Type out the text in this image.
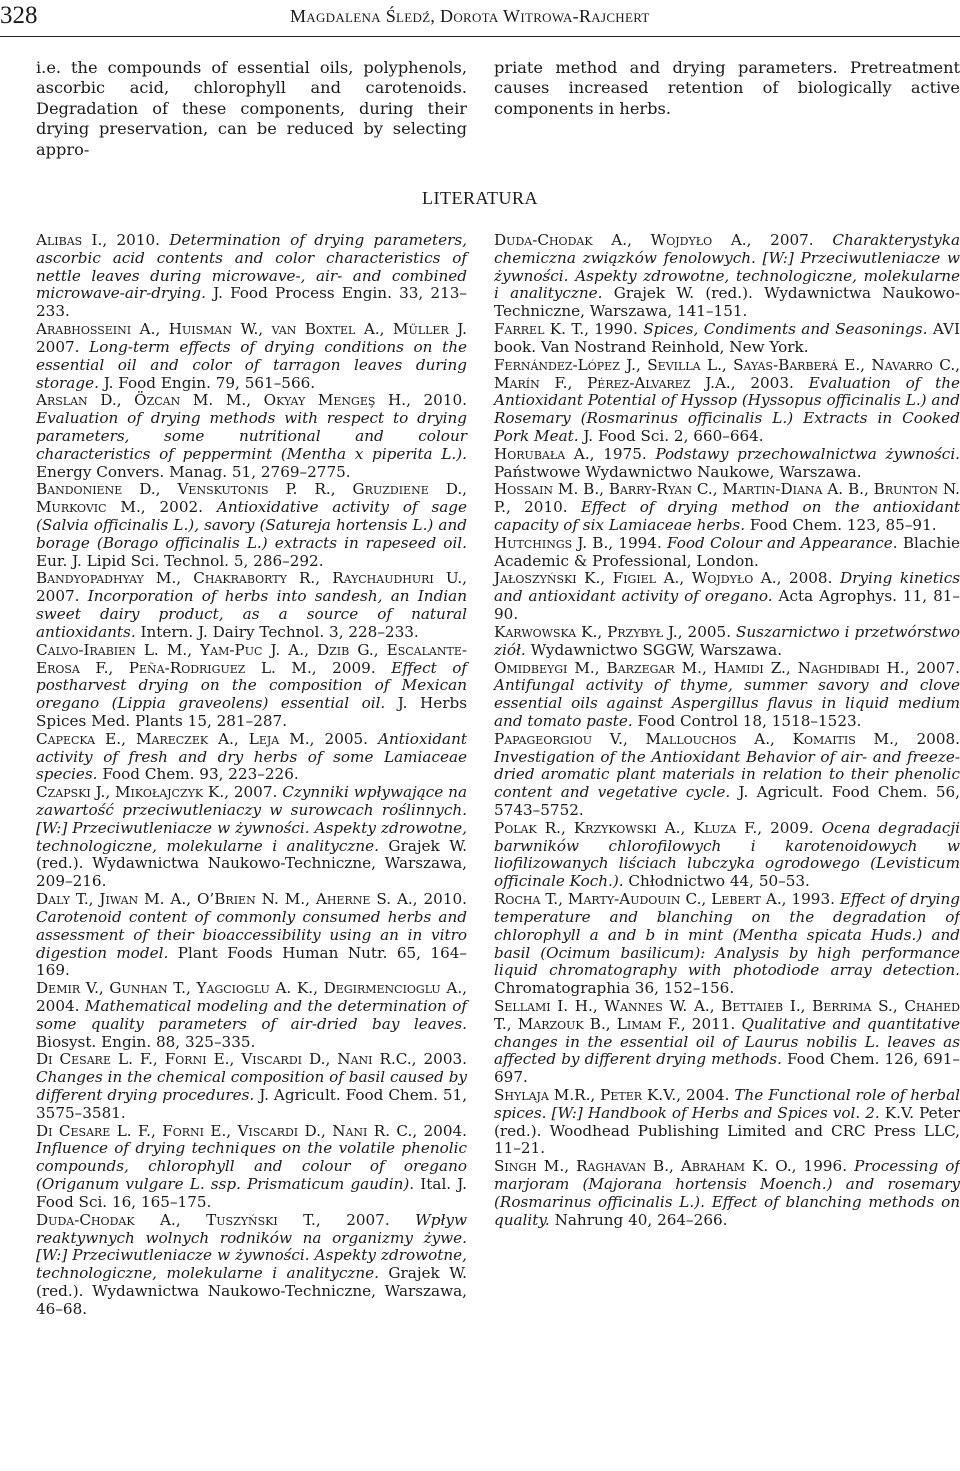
328	Magdalena Śledź, Dorota Witrowa-Rajchert

i.e. the compounds of essential oils, polyphenols, ascorbic acid, chlorophyll and carotenoids. Degradation of these components, during their drying preservation, can be reduced by selecting appro-

priate method and drying parameters. Pretreatment causes increased retention of biologically active components in herbs.

LITERATURA

Alibas I., 2010. Determination of drying parameters, ascorbic acid contents and color characteristics of nettle leaves during microwave-, air- and combined microwave-air-drying. J. Food Process Engin. 33, 213–233.

Arabhosseini A., Huisman W., van Boxtel A., Müller J. 2007. Long-term effects of drying conditions on the essential oil and color of tarragon leaves during storage. J. Food Engin. 79, 561–566.

Arslan D., Özcan M. M., Okyay Mengeş H., 2010. Evaluation of drying methods with respect to drying parameters, some nutritional and colour characteristics of peppermint (Mentha x piperita L.). Energy Convers. Manag. 51, 2769–2775.

Bandoniene D., Venskutonis P. R., Gruzdiene D., Murkovic M., 2002. Antioxidative activity of sage (Salvia officinalis L.), savory (Satureja hortensis L.) and borage (Borago officinalis L.) extracts in rapeseed oil. Eur. J. Lipid Sci. Technol. 5, 286–292.

Bandyopadhyay M., Chakraborty R., Raychaudhuri U., 2007. Incorporation of herbs into sandesh, an Indian sweet dairy product, as a source of natural antioxidants. Intern. J. Dairy Technol. 3, 228–233.

Calvo-Irabien L. M., Yam-Puc J. A., Dzib G., Escalante-Erosa F., Peña-Rodriguez L. M., 2009. Effect of postharvest drying on the composition of Mexican oregano (Lippia graveolens) essential oil. J. Herbs Spices Med. Plants 15, 281–287.

Capecka E., Mareczek A., Leja M., 2005. Antioxidant activity of fresh and dry herbs of some Lamiaceae species. Food Chem. 93, 223–226.

Czapski J., Mikołajczyk K., 2007. Czynniki wpływające na zawartość przeciwutleniaczy w surowcach roślinnych. [W:] Przeciwutleniacze w żywności. Aspekty zdrowotne, technologiczne, molekularne i analityczne. Grajek W. (red.). Wydawnictwa Naukowo-Techniczne, Warszawa, 209–216.

Daly T., Jiwan M. A., O’Brien N. M., Aherne S. A., 2010. Carotenoid content of commonly consumed herbs and assessment of their bioaccessibility using an in vitro digestion model. Plant Foods Human Nutr. 65, 164–169.

Demir V., Gunhan T., Yagcioglu A. K., Degirmencioglu A., 2004. Mathematical modeling and the determination of some quality parameters of air-dried bay leaves. Biosyst. Engin. 88, 325–335.

Di Cesare L. F., Forni E., Viscardi D., Nani R.C., 2003. Changes in the chemical composition of basil caused by different drying procedures. J. Agricult. Food Chem. 51, 3575–3581.

Di Cesare L. F., Forni E., Viscardi D., Nani R. C., 2004. Influence of drying techniques on the volatile phenolic compounds, chlorophyll and colour of oregano (Origanum vulgare L. ssp. Prismaticum gaudin). Ital. J. Food Sci. 16, 165–175.

Duda-Chodak A., Tuszyński T., 2007. Wpływ reaktywnych wolnych rodników na organizmy żywe. [W:] Przeciwutleniacze w żywności. Aspekty zdrowotne, technologiczne, molekularne i analityczne. Grajek W. (red.). Wydawnictwa Naukowo-Techniczne, Warszawa, 46–68.

Duda-Chodak A., Wojdyło A., 2007. Charakterystyka chemiczna związków fenolowych. [W:] Przeciwutleniacze w żywności. Aspekty zdrowotne, technologiczne, molekularne i analityczne. Grajek W. (red.). Wydawnictwa Naukowo-Techniczne, Warszawa, 141–151.

Farrel K. T., 1990. Spices, Condiments and Seasonings. AVI book. Van Nostrand Reinhold, New York.

Fernández-López J., Sevilla L., Sayas-Barberá E., Navarro C., Marín F., Pérez-Alvarez J.A., 2003. Evaluation of the Antioxidant Potential of Hyssop (Hyssopus officinalis L.) and Rosemary (Rosmarinus officinalis L.) Extracts in Cooked Pork Meat. J. Food Sci. 2, 660–664.

Horubała A., 1975. Podstawy przechowalnictwa żywności. Państwowe Wydawnictwo Naukowe, Warszawa.

Hossain M. B., Barry-Ryan C., Martin-Diana A. B., Brunton N. P., 2010. Effect of drying method on the antioxidant capacity of six Lamiaceae herbs. Food Chem. 123, 85–91.

Hutchings J. B., 1994. Food Colour and Appearance. Blachie Academic & Professional, London.

Jałoszyński K., Figiel A., Wojdyło A., 2008. Drying kinetics and antioxidant activity of oregano. Acta Agrophys. 11, 81–90.

Karwowska K., Przybył J., 2005. Suszarnictwo i przetwórstwo ziół. Wydawnictwo SGGW, Warszawa.

Omidbeygi M., Barzegar M., Hamidi Z., Naghdibadi H., 2007. Antifungal activity of thyme, summer savory and clove essential oils against Aspergillus flavus in liquid medium and tomato paste. Food Control 18, 1518–1523.

Papageorgiou V., Mallouchos A., Komaitis M., 2008. Investigation of the Antioxidant Behavior of air- and freeze-dried aromatic plant materials in relation to their phenolic content and vegetative cycle. J. Agricult. Food Chem. 56, 5743–5752.

Polak R., Krzykowski A., Kluza F., 2009. Ocena degradacji barwników chlorofilowych i karotenoidowych w liofilizowanych liściach lubczyka ogrodowego (Levisticum officinale Koch.). Chłodnictwo 44, 50–53.

Rocha T., Marty-Audouin C., Lebert A., 1993. Effect of drying temperature and blanching on the degradation of chlorophyll a and b in mint (Mentha spicata Huds.) and basil (Ocimum basilicum): Analysis by high performance liquid chromatography with photodiode array detection. Chromatographia 36, 152–156.

Sellami I. H., Wannes W. A., Bettaieb I., Berrima S., Chahed T., Marzouk B., Limam F., 2011. Qualitative and quantitative changes in the essential oil of Laurus nobilis L. leaves as affected by different drying methods. Food Chem. 126, 691–697.

Shylaja M.R., Peter K.V., 2004. The Functional role of herbal spices. [W:] Handbook of Herbs and Spices vol. 2. K.V. Peter (red.). Woodhead Publishing Limited and CRC Press LLC, 11–21.

Singh M., Raghavan B., Abraham K. O., 1996. Processing of marjoram (Majorana hortensis Moench.) and rosemary (Rosmarinus officinalis L.). Effect of blanching methods on quality. Nahrung 40, 264–266.
